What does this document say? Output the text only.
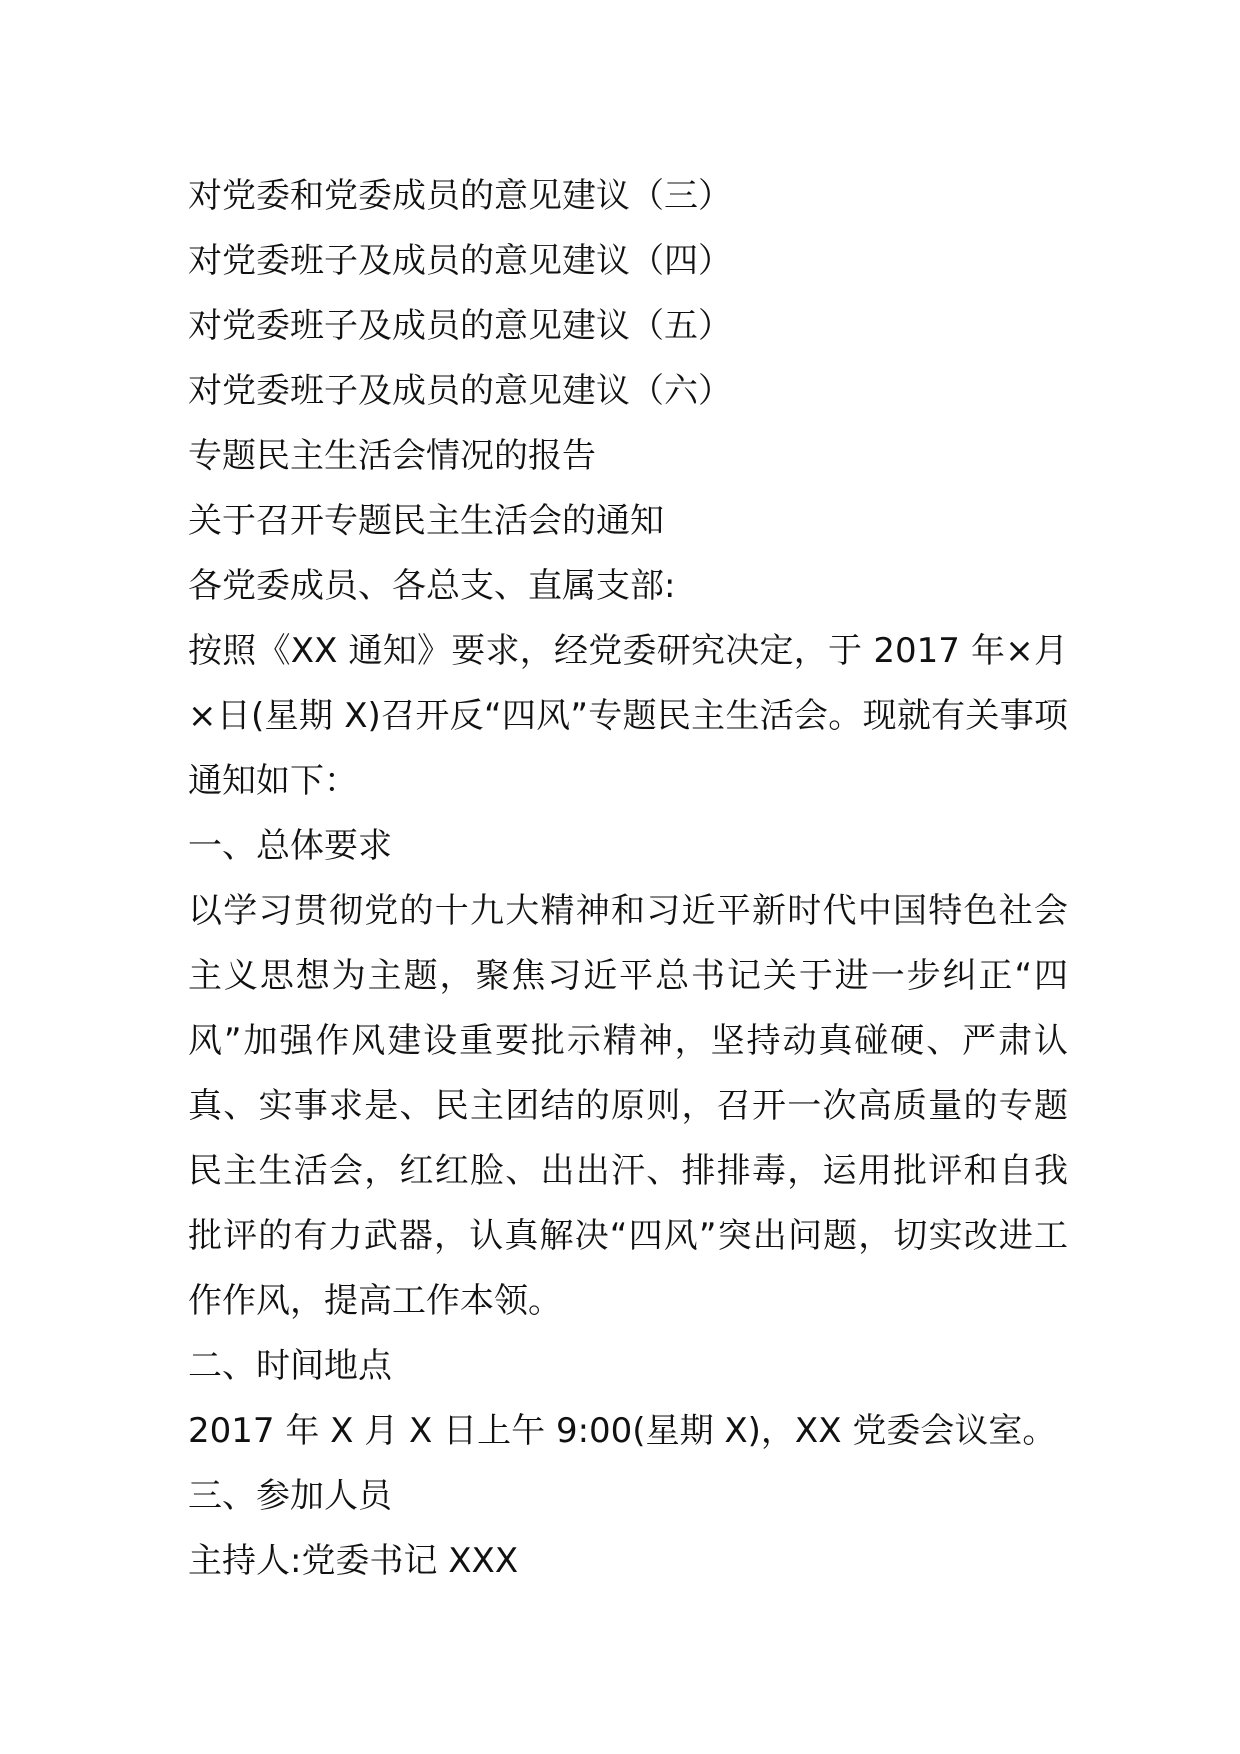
对党委和党委成员的意见建议（三）

对党委班子及成员的意见建议（四）

对党委班子及成员的意见建议（五）

对党委班子及成员的意见建议（六）

专题民主生活会情况的报告

关于召开专题民主生活会的通知

各党委成员、各总支、直属支部:

按照《XX 通知》要求，经党委研究决定，于 2017 年×月×日(星期 X)召开反“四风”专题民主生活会。现就有关事项通知如下：

一、总体要求

以学习贯彻党的十九大精神和习近平新时代中国特色社会主义思想为主题，聚焦习近平总书记关于进一步纠正“四风”加强作风建设重要批示精神，坚持动真碰硬、严肃认真、实事求是、民主团结的原则，召开一次高质量的专题民主生活会，红红脸、出出汗、排排毒，运用批评和自我批评的有力武器，认真解决“四风”突出问题，切实改进工作作风，提高工作本领。

二、时间地点

2017 年 X 月 X 日上午 9:00(星期 X)，XX 党委会议室。

三、参加人员

主持人:党委书记 XXX
